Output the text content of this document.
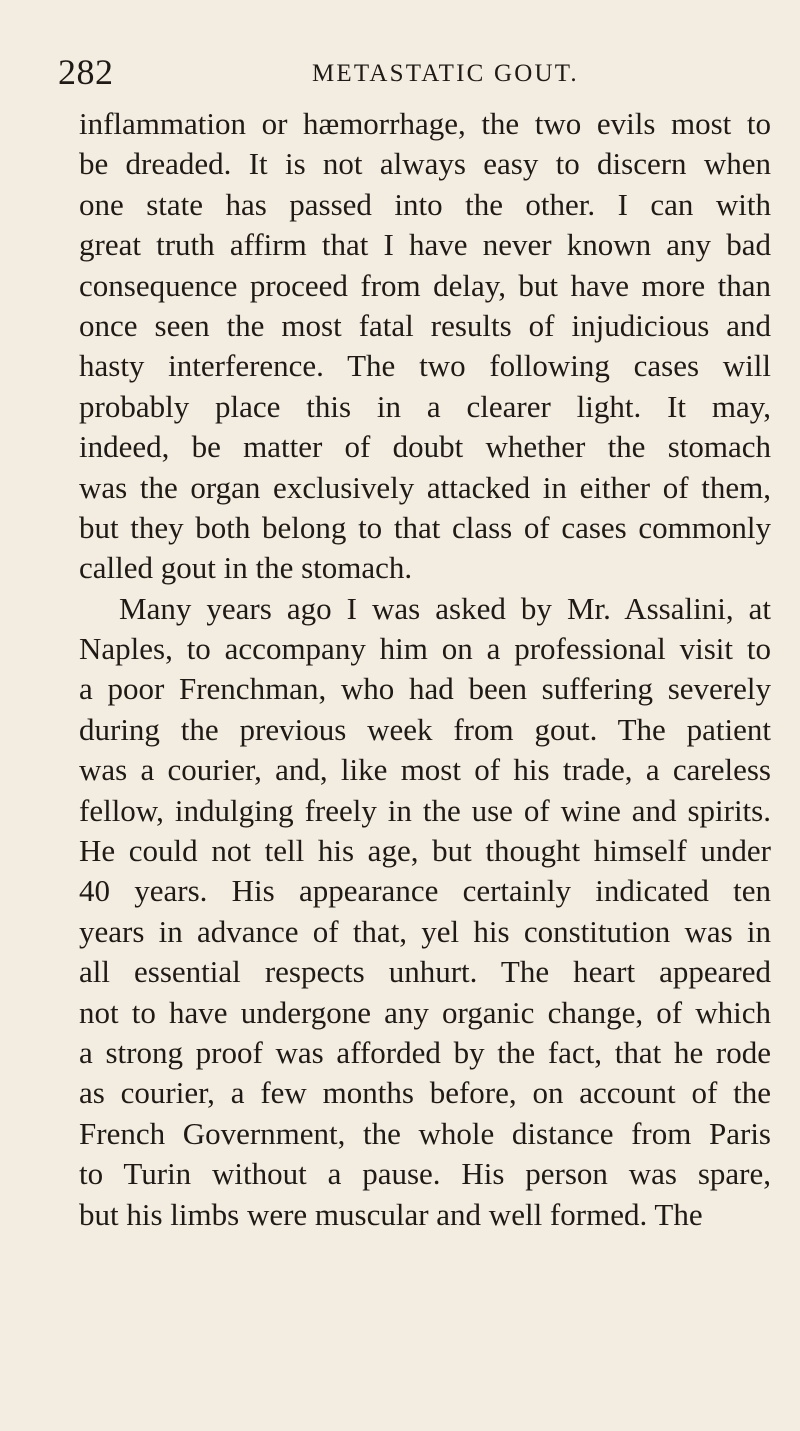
282	METASTATIC GOUT.
inflammation or hæmorrhage, the two evils most to
be dreaded. It is not always easy to discern when
one state has passed into the other. I can with
great truth affirm that I have never known any bad
consequence proceed from delay, but have more than
once seen the most fatal results of injudicious and
hasty interference. The two following cases will
probably place this in a clearer light. It may,
indeed, be matter of doubt whether the stomach
was the organ exclusively attacked in either of them,
but they both belong to that class of cases commonly
called gout in the stomach.
Many years ago I was asked by Mr. Assalini, at
Naples, to accompany him on a professional visit to
a poor Frenchman, who had been suffering severely
during the previous week from gout. The patient
was a courier, and, like most of his trade, a careless
fellow, indulging freely in the use of wine and spirits.
He could not tell his age, but thought himself under
40 years. His appearance certainly indicated ten
years in advance of that, yel his constitution was in
all essential respects unhurt. The heart appeared
not to have undergone any organic change, of which
a strong proof was afforded by the fact, that he rode
as courier, a few months before, on account of the
French Government, the whole distance from Paris
to Turin without a pause. His person was spare,
but his limbs were muscular and well formed. The
